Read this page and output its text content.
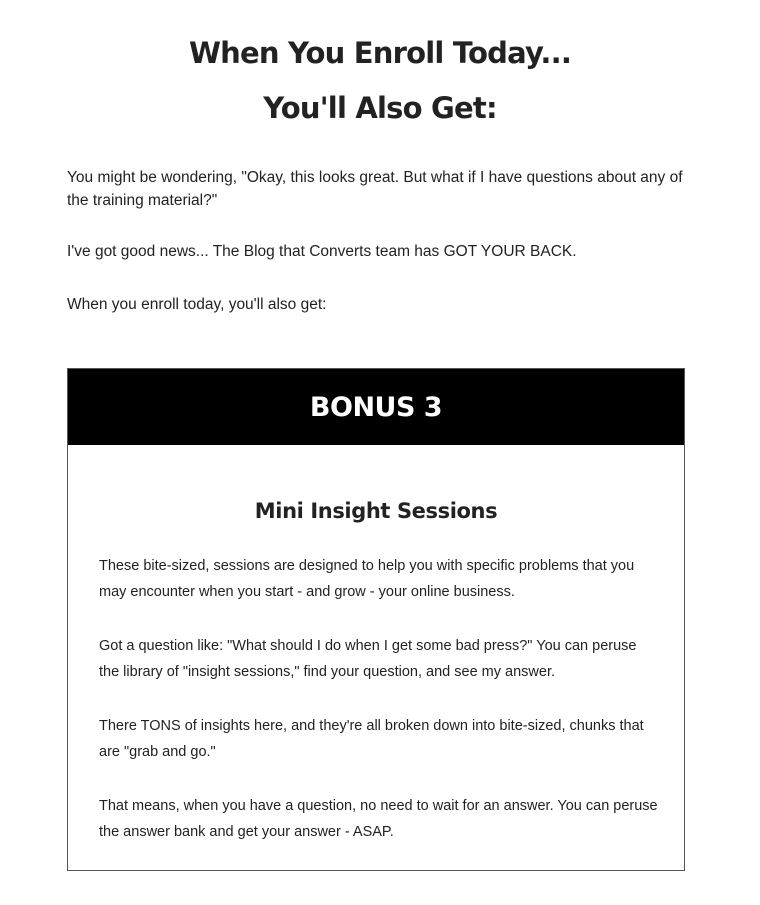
When You Enroll Today...
You'll Also Get:

You might be wondering, "Okay, this looks great. But what if I have questions about any of the training material?"

I've got good news... The Blog that Converts team has GOT YOUR BACK.

When you enroll today, you'll also get:

BONUS 3
Mini Insight Sessions

These bite-sized, sessions are designed to help you with specific problems that you may encounter when you start - and grow - your online business.

Got a question like: "What should I do when I get some bad press?" You can peruse the library of "insight sessions," find your question, and see my answer.

There TONS of insights here, and they're all broken down into bite-sized, chunks that are "grab and go."

That means, when you have a question, no need to wait for an answer. You can peruse the answer bank and get your answer - ASAP.
